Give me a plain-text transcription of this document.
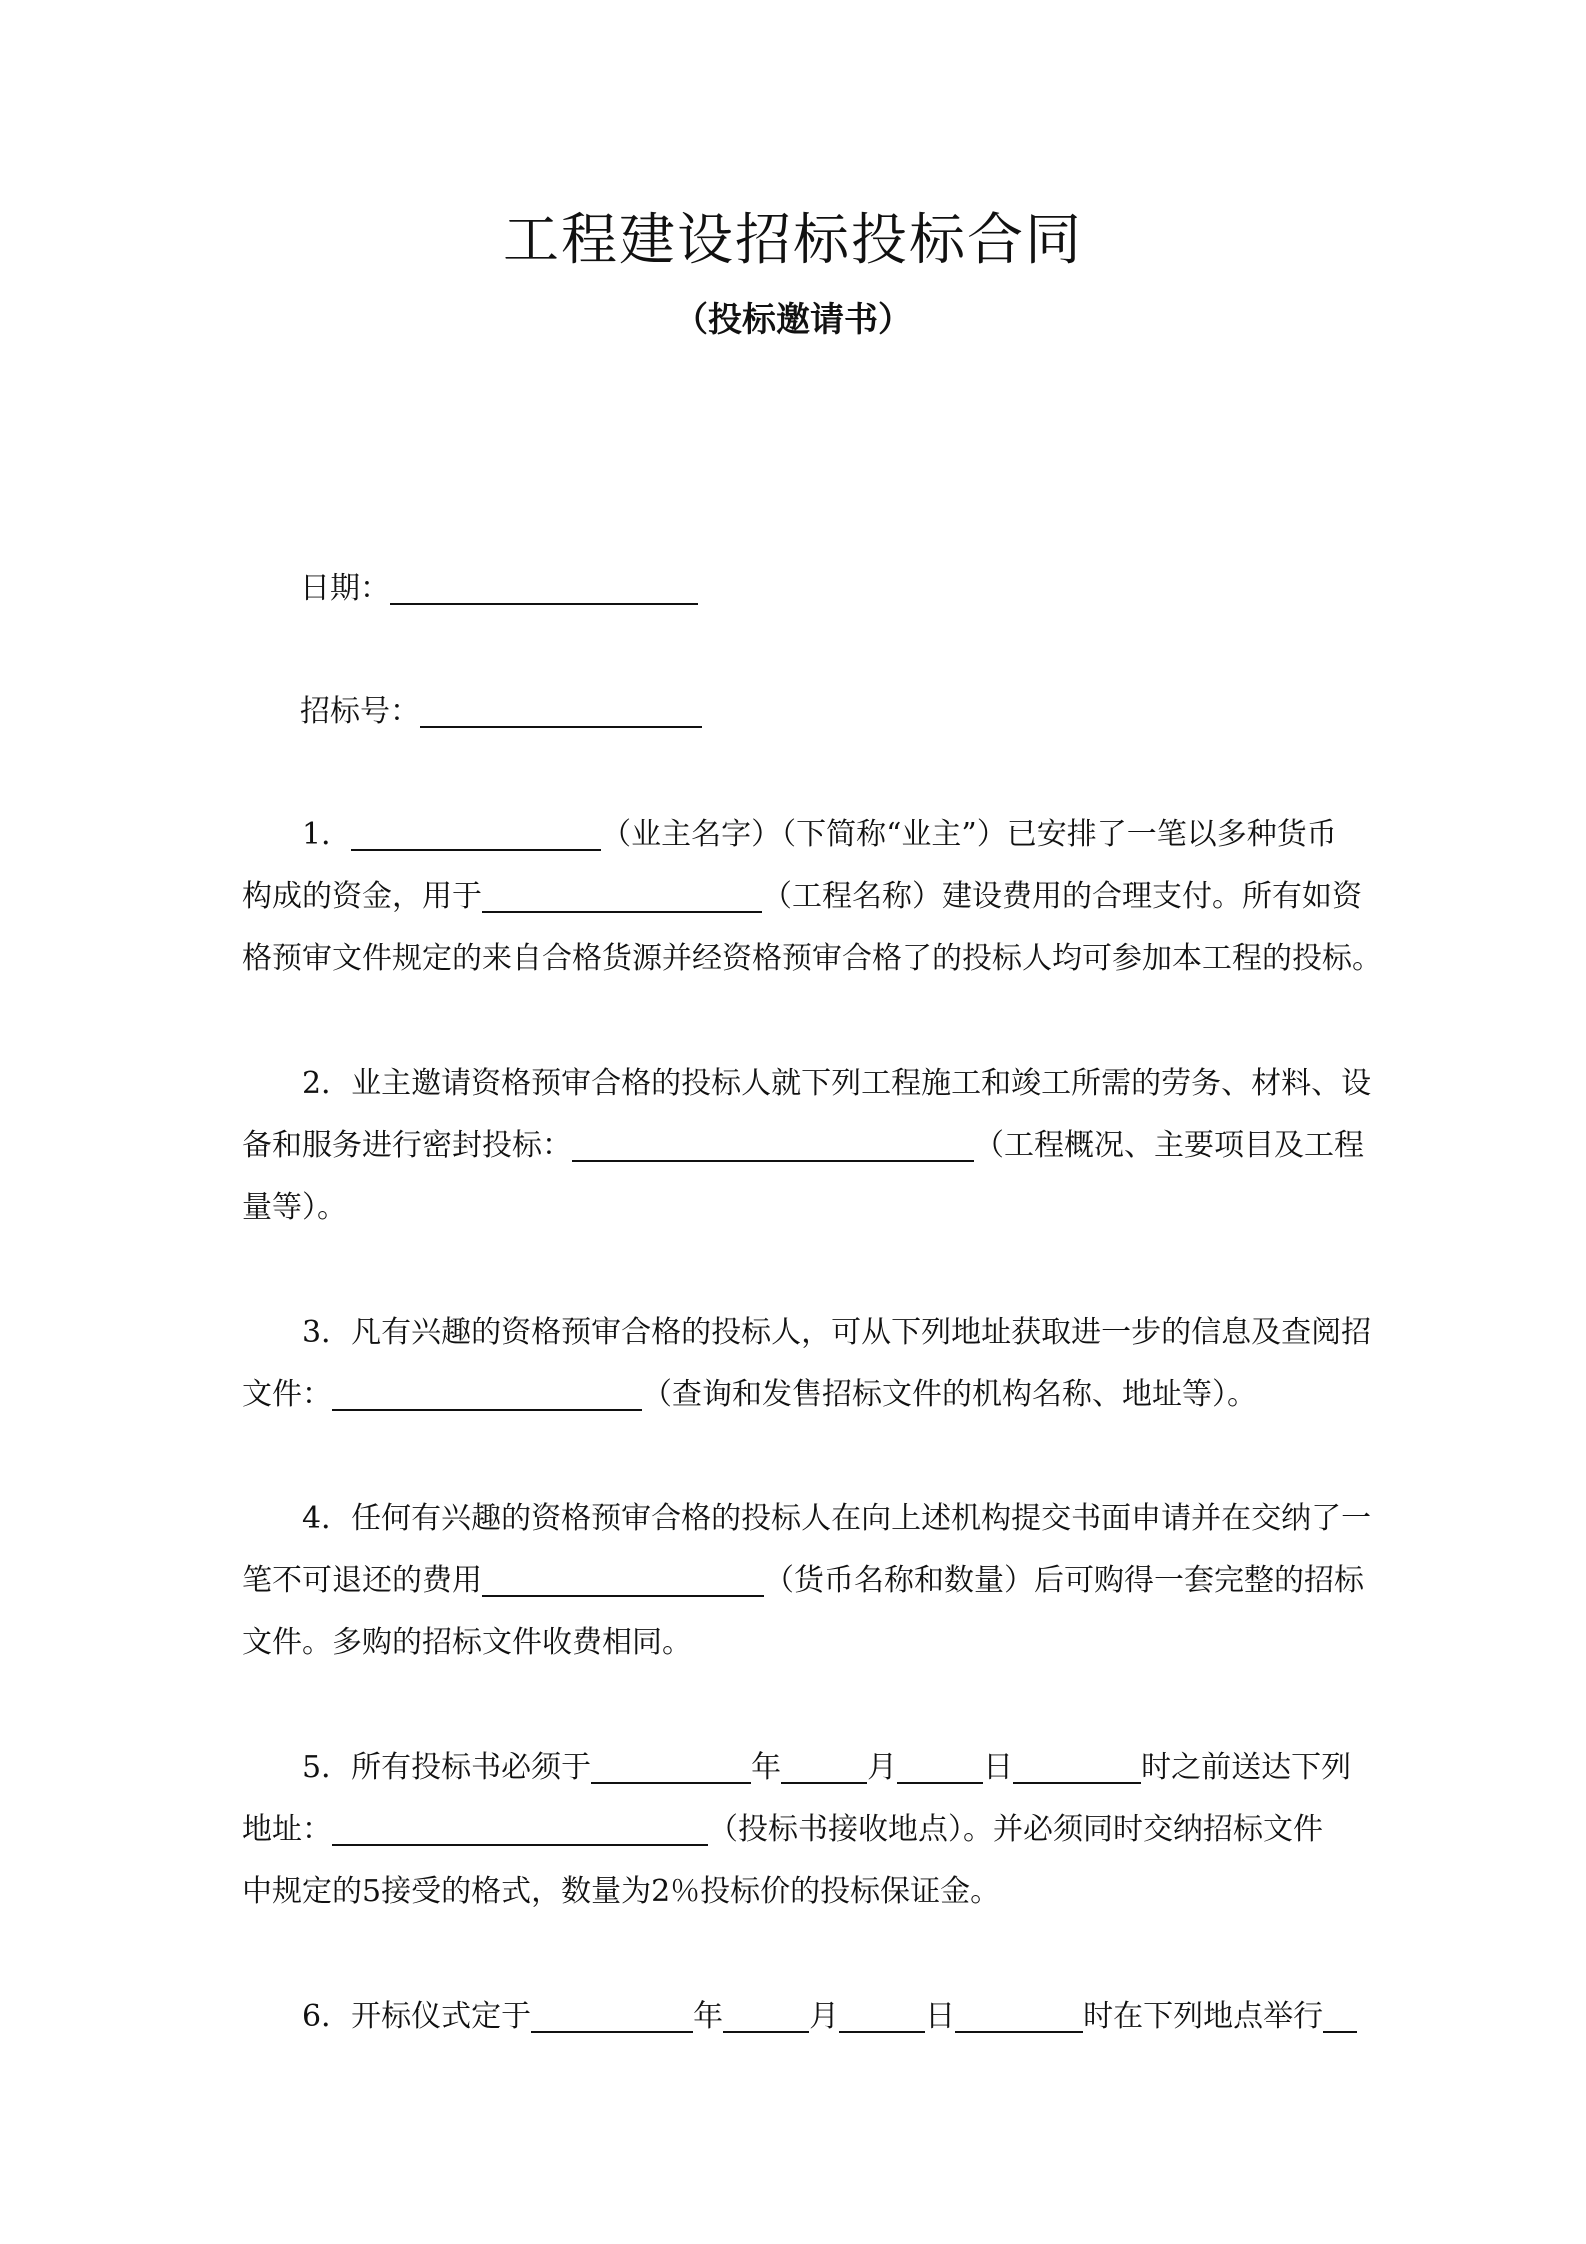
工程建设招标投标合同
（投标邀请书）
日期：
招标号：
1．	（业主名字）（下简称“业主”）已安排了一笔以多种货币
构成的资金，用于	（工程名称）建设费用的合理支付。所有如资
格预审文件规定的来自合格货源并经资格预审合格了的投标人均可参加本工程的投标。
2．业主邀请资格预审合格的投标人就下列工程施工和竣工所需的劳务、材料、设
备和服务进行密封投标：	（工程概况、主要项目及工程
量等）。
3．凡有兴趣的资格预审合格的投标人，可从下列地址获取进一步的信息及查阅招
文件：	（查询和发售招标文件的机构名称、地址等）。
4．任何有兴趣的资格预审合格的投标人在向上述机构提交书面申请并在交纳了一
笔不可退还的费用	（货币名称和数量）后可购得一套完整的招标
文件。多购的招标文件收费相同。
5．所有投标书必须于	年	月	日	时之前送达下列
地址：	（投标书接收地点）。并必须同时交纳招标文件
中规定的5接受的格式，数量为2％投标价的投标保证金。
6．开标仪式定于	年	月	日	时在下列地点举行
